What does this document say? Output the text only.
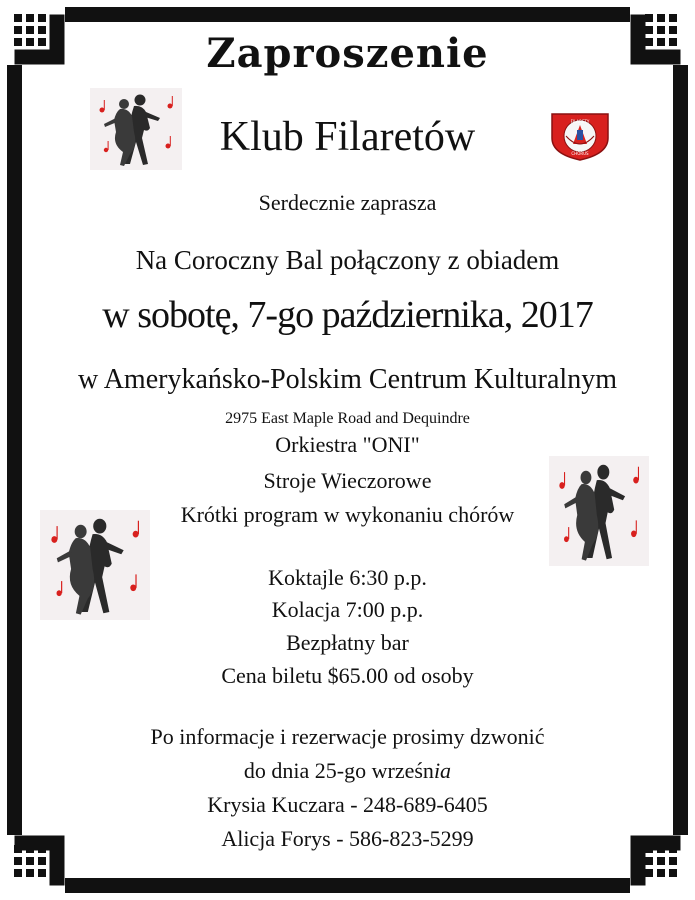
Zaproszenie
Klub Filaretów
Serdecznie zaprasza
Na Coroczny Bal połączony z obiadem
w sobotę, 7-go października, 2017
w Amerykańsko-Polskim Centrum Kulturalnym
2975 East Maple Road and Dequindre
Orkiestra "ONI"
Stroje Wieczorowe
Krótki program w wykonaniu chórów
Koktajle 6:30 p.p.
Kolacja 7:00 p.p.
Bezpłatny bar
Cena biletu $65.00 od osoby
Po informacje i rezerwacje prosimy dzwonić
do dnia 25-go września
Krysia Kuczara - 248-689-6405
Alicja Forys - 586-823-5299
FILARETY
CHÓRUS
